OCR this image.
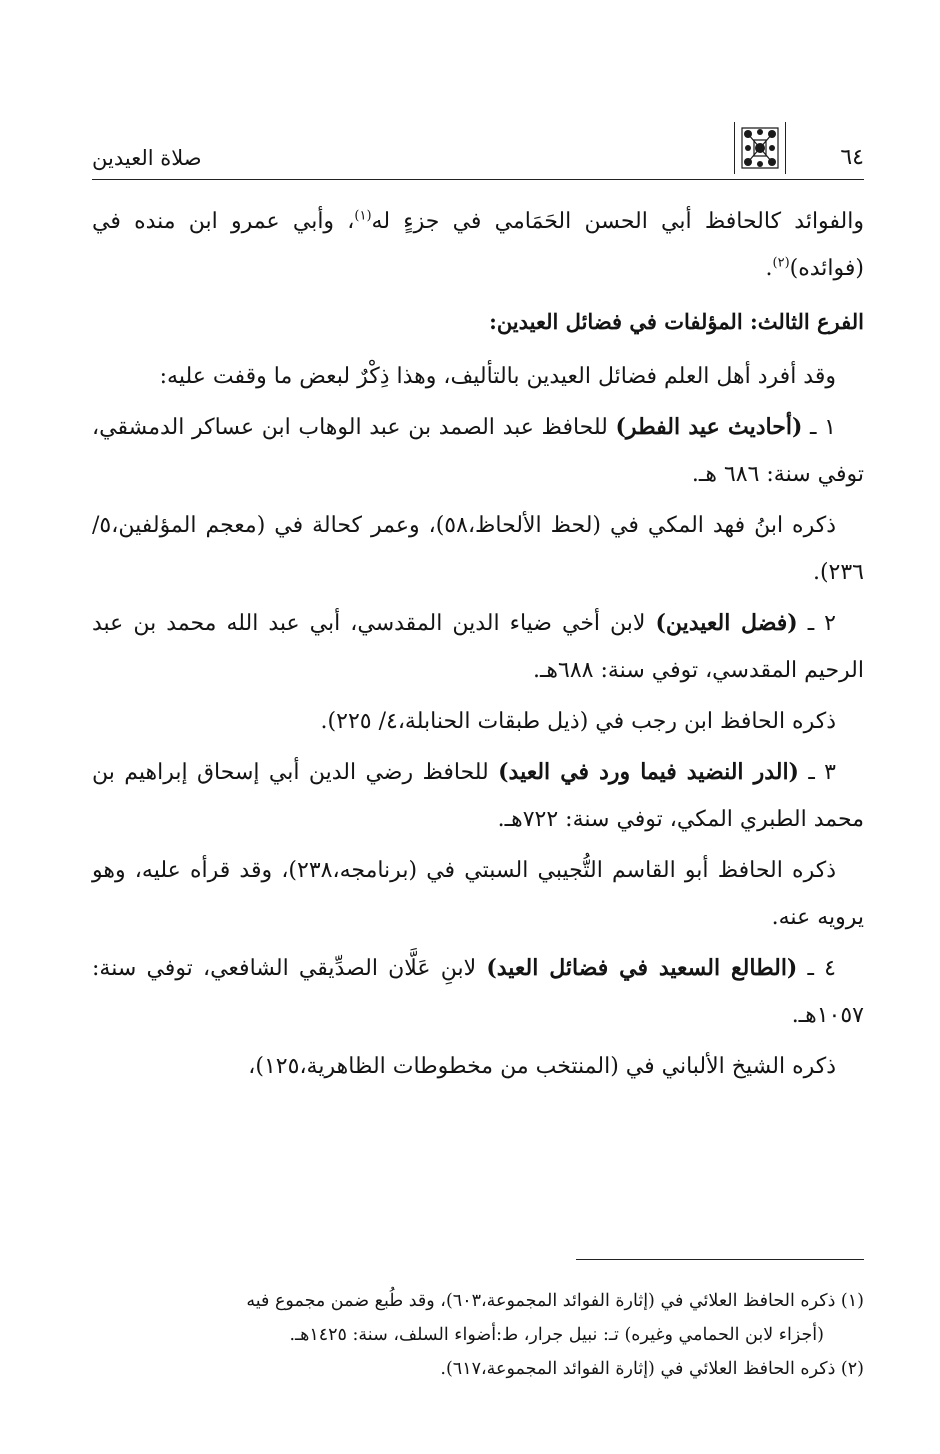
صلاة العيدين	٦٤

والفوائد كالحافظ أبي الحسن الحَمَامي في جزءٍ له$^{(١)}$، وأبي عمرو ابن منده في (فوائده)$^{(٢)}$.

الفرع الثالث: المؤلفات في فضائل العيدين:

وقد أفرد أهل العلم فضائل العيدين بالتأليف، وهذا ذِكْرٌ لبعض ما وقفت عليه:

١ ـ (أحاديث عيد الفطر) للحافظ عبد الصمد بن عبد الوهاب ابن عساكر الدمشقي، توفي سنة: ٦٨٦ هـ.

ذكره ابنُ فهد المكي في (لحظ الألحاظ،٥٨)، وعمر كحالة في (معجم المؤلفين،٥/ ٢٣٦).

٢ ـ (فضل العيدين) لابن أخي ضياء الدين المقدسي، أبي عبد الله محمد بن عبد الرحيم المقدسي، توفي سنة: ٦٨٨هـ.

ذكره الحافظ ابن رجب في (ذيل طبقات الحنابلة،٤/ ٢٢٥).

٣ ـ (الدر النضيد فيما ورد في العيد) للحافظ رضي الدين أبي إسحاق إبراهيم بن محمد الطبري المكي، توفي سنة: ٧٢٢هـ.

ذكره الحافظ أبو القاسم التُّجيبي السبتي في (برنامجه،٢٣٨)، وقد قرأه عليه، وهو يرويه عنه.

٤ ـ (الطالع السعيد في فضائل العيد) لابنِ عَلَّان الصدِّيقي الشافعي، توفي سنة: ١٠٥٧هـ.

ذكره الشيخ الألباني في (المنتخب من مخطوطات الظاهرية،١٢٥)،

(١) ذكره الحافظ العلائي في (إثارة الفوائد المجموعة،٦٠٣)، وقد طُبع ضمن مجموع فيه

(أجزاء لابن الحمامي وغيره) تـ: نبيل جرار، ط:أضواء السلف، سنة: ١٤٢٥هـ.

(٢) ذكره الحافظ العلائي في (إثارة الفوائد المجموعة،٦١٧).
